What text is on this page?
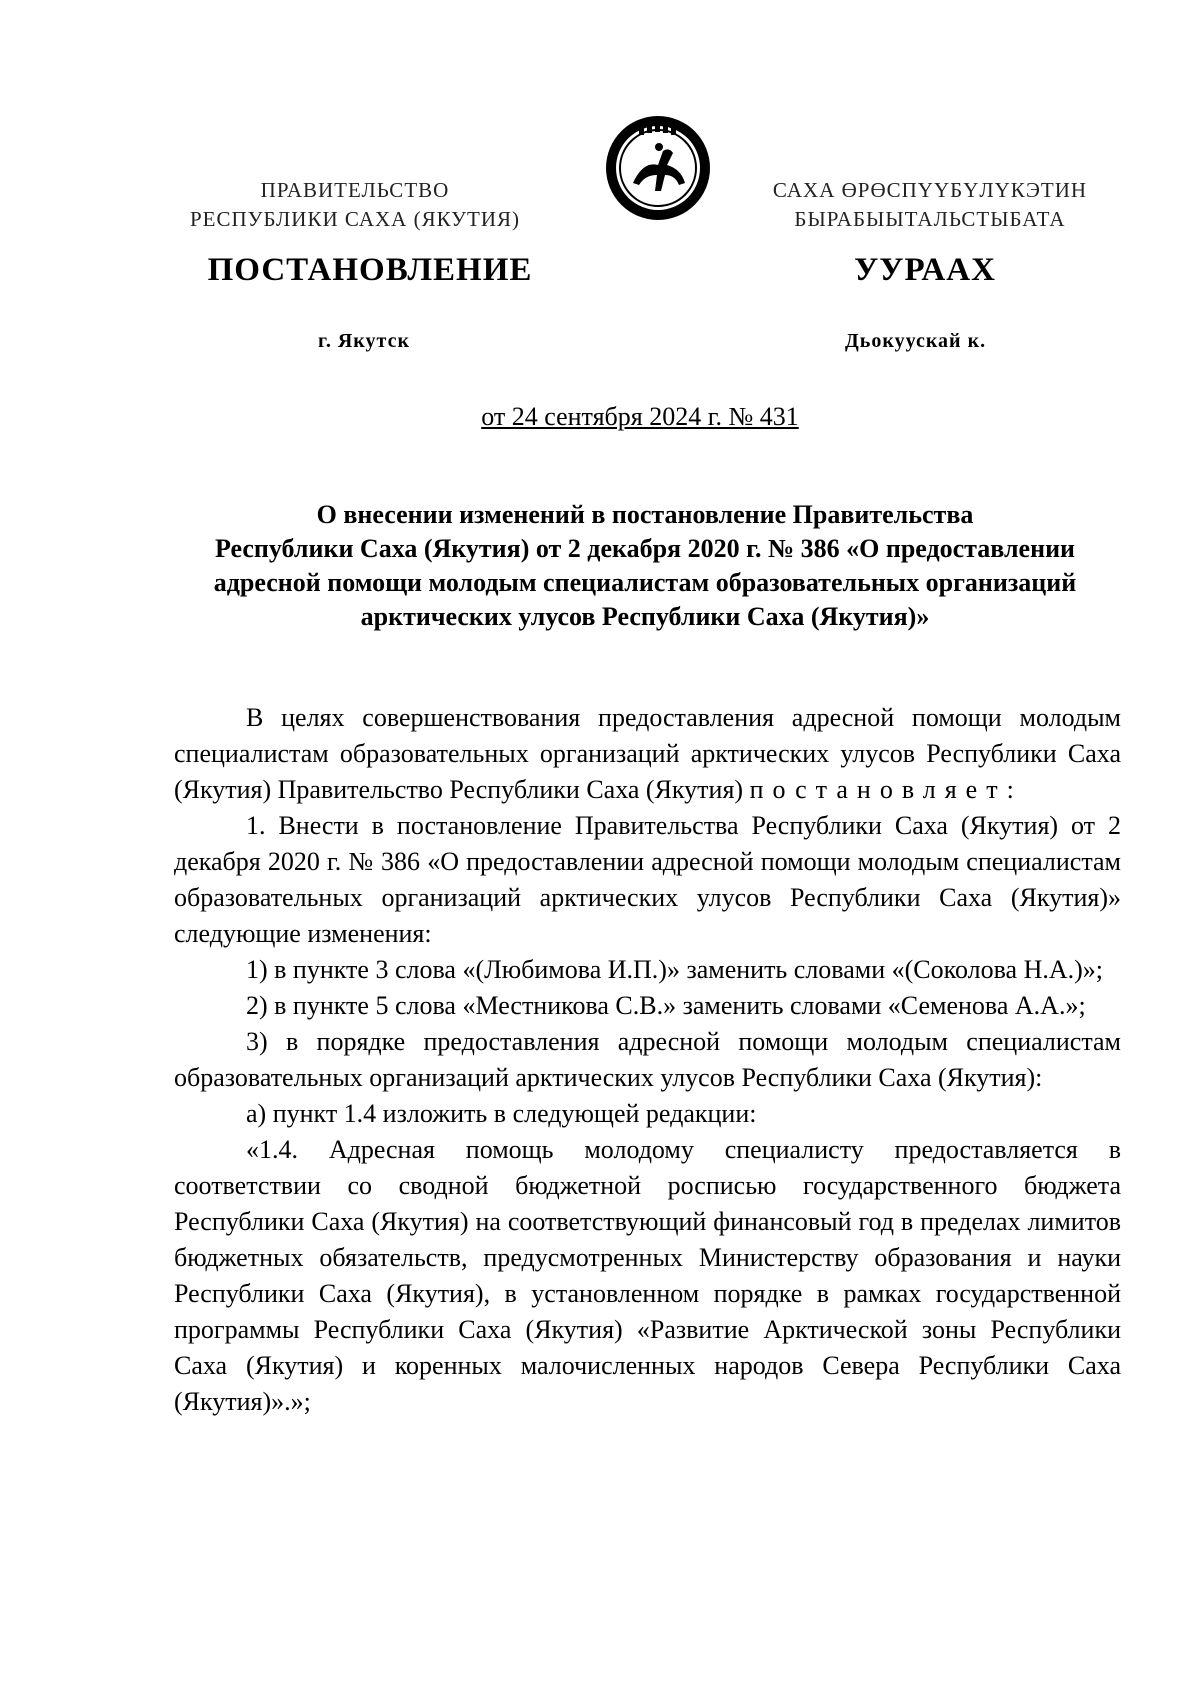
ПРАВИТЕЛЬСТВО
РЕСПУБЛИКИ САХА (ЯКУТИЯ)
САХА ӨРӨСПҮҮБҮЛҮКЭТИН
БЫРАБЫЫТАЛЬСТЫБАТА
ПОСТАНОВЛЕНИЕ	УУРААХ
г. Якутск	Дьокуускай к.
от 24 сентября 2024 г. № 431
О внесении изменений в постановление Правительства
Республики Саха (Якутия) от 2 декабря 2020 г. № 386 «О предоставлении
адресной помощи молодым специалистам образовательных организаций
арктических улусов Республики Саха (Якутия)»

В целях совершенствования предоставления адресной помощи молодым специалистам образовательных организаций арктических улусов Республики Саха (Якутия) Правительство Республики Саха (Якутия) постановляет:

1. Внести в постановление Правительства Республики Саха (Якутия) от 2 декабря 2020 г. № 386 «О предоставлении адресной помощи молодым специалистам образовательных организаций арктических улусов Республики Саха (Якутия)» следующие изменения:

1) в пункте 3 слова «(Любимова И.П.)» заменить словами «(Соколова Н.А.)»;

2) в пункте 5 слова «Местникова С.В.» заменить словами «Семенова А.А.»;

3) в порядке предоставления адресной помощи молодым специалистам образовательных организаций арктических улусов Республики Саха (Якутия):

а) пункт 1.4 изложить в следующей редакции:

«1.4. Адресная помощь молодому специалисту предоставляется в соответствии со сводной бюджетной росписью государственного бюджета Республики Саха (Якутия) на соответствующий финансовый год в пределах лимитов бюджетных обязательств, предусмотренных Министерству образования и науки Республики Саха (Якутия), в установленном порядке в рамках государственной программы Республики Саха (Якутия) «Развитие Арктической зоны Республики Саха (Якутия) и коренных малочисленных народов Севера Республики Саха (Якутия)».»;
